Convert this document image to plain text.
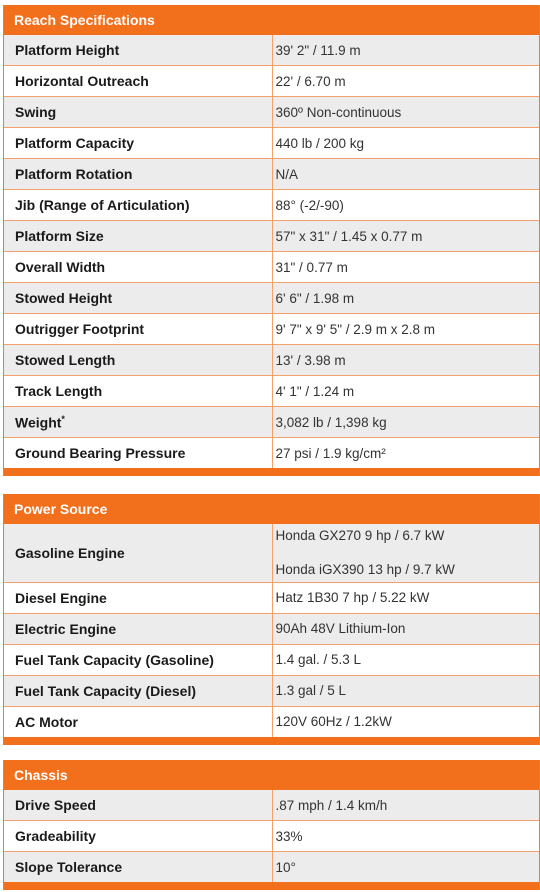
Reach Specifications
Platform Height	39' 2" / 11.9 m
Horizontal Outreach	22' / 6.70 m
Swing	360º Non-continuous
Platform Capacity	440 lb / 200 kg
Platform Rotation	N/A
Jib (Range of Articulation)	88° (-2/-90)
Platform Size	57" x 31" / 1.45 x 0.77 m
Overall Width	31" / 0.77 m
Stowed Height	6' 6" / 1.98 m
Outrigger Footprint	9' 7" x 9' 5" / 2.9 m x 2.8 m
Stowed Length	13' / 3.98 m
Track Length	4' 1" / 1.24 m
Weight*	3,082 lb / 1,398 kg
Ground Bearing Pressure	27 psi / 1.9 kg/cm²
Power Source
Gasoline Engine	Honda GX270 9 hp / 6.7 kW
Honda iGX390 13 hp / 9.7 kW

Diesel Engine	Hatz 1B30 7 hp / 5.22 kW
Electric Engine	90Ah 48V Lithium-Ion
Fuel Tank Capacity (Gasoline)	1.4 gal. / 5.3 L
Fuel Tank Capacity (Diesel)	1.3 gal / 5 L
AC Motor	120V 60Hz / 1.2kW
Chassis
Drive Speed	.87 mph / 1.4 km/h
Gradeability	33%
Slope Tolerance	10°
